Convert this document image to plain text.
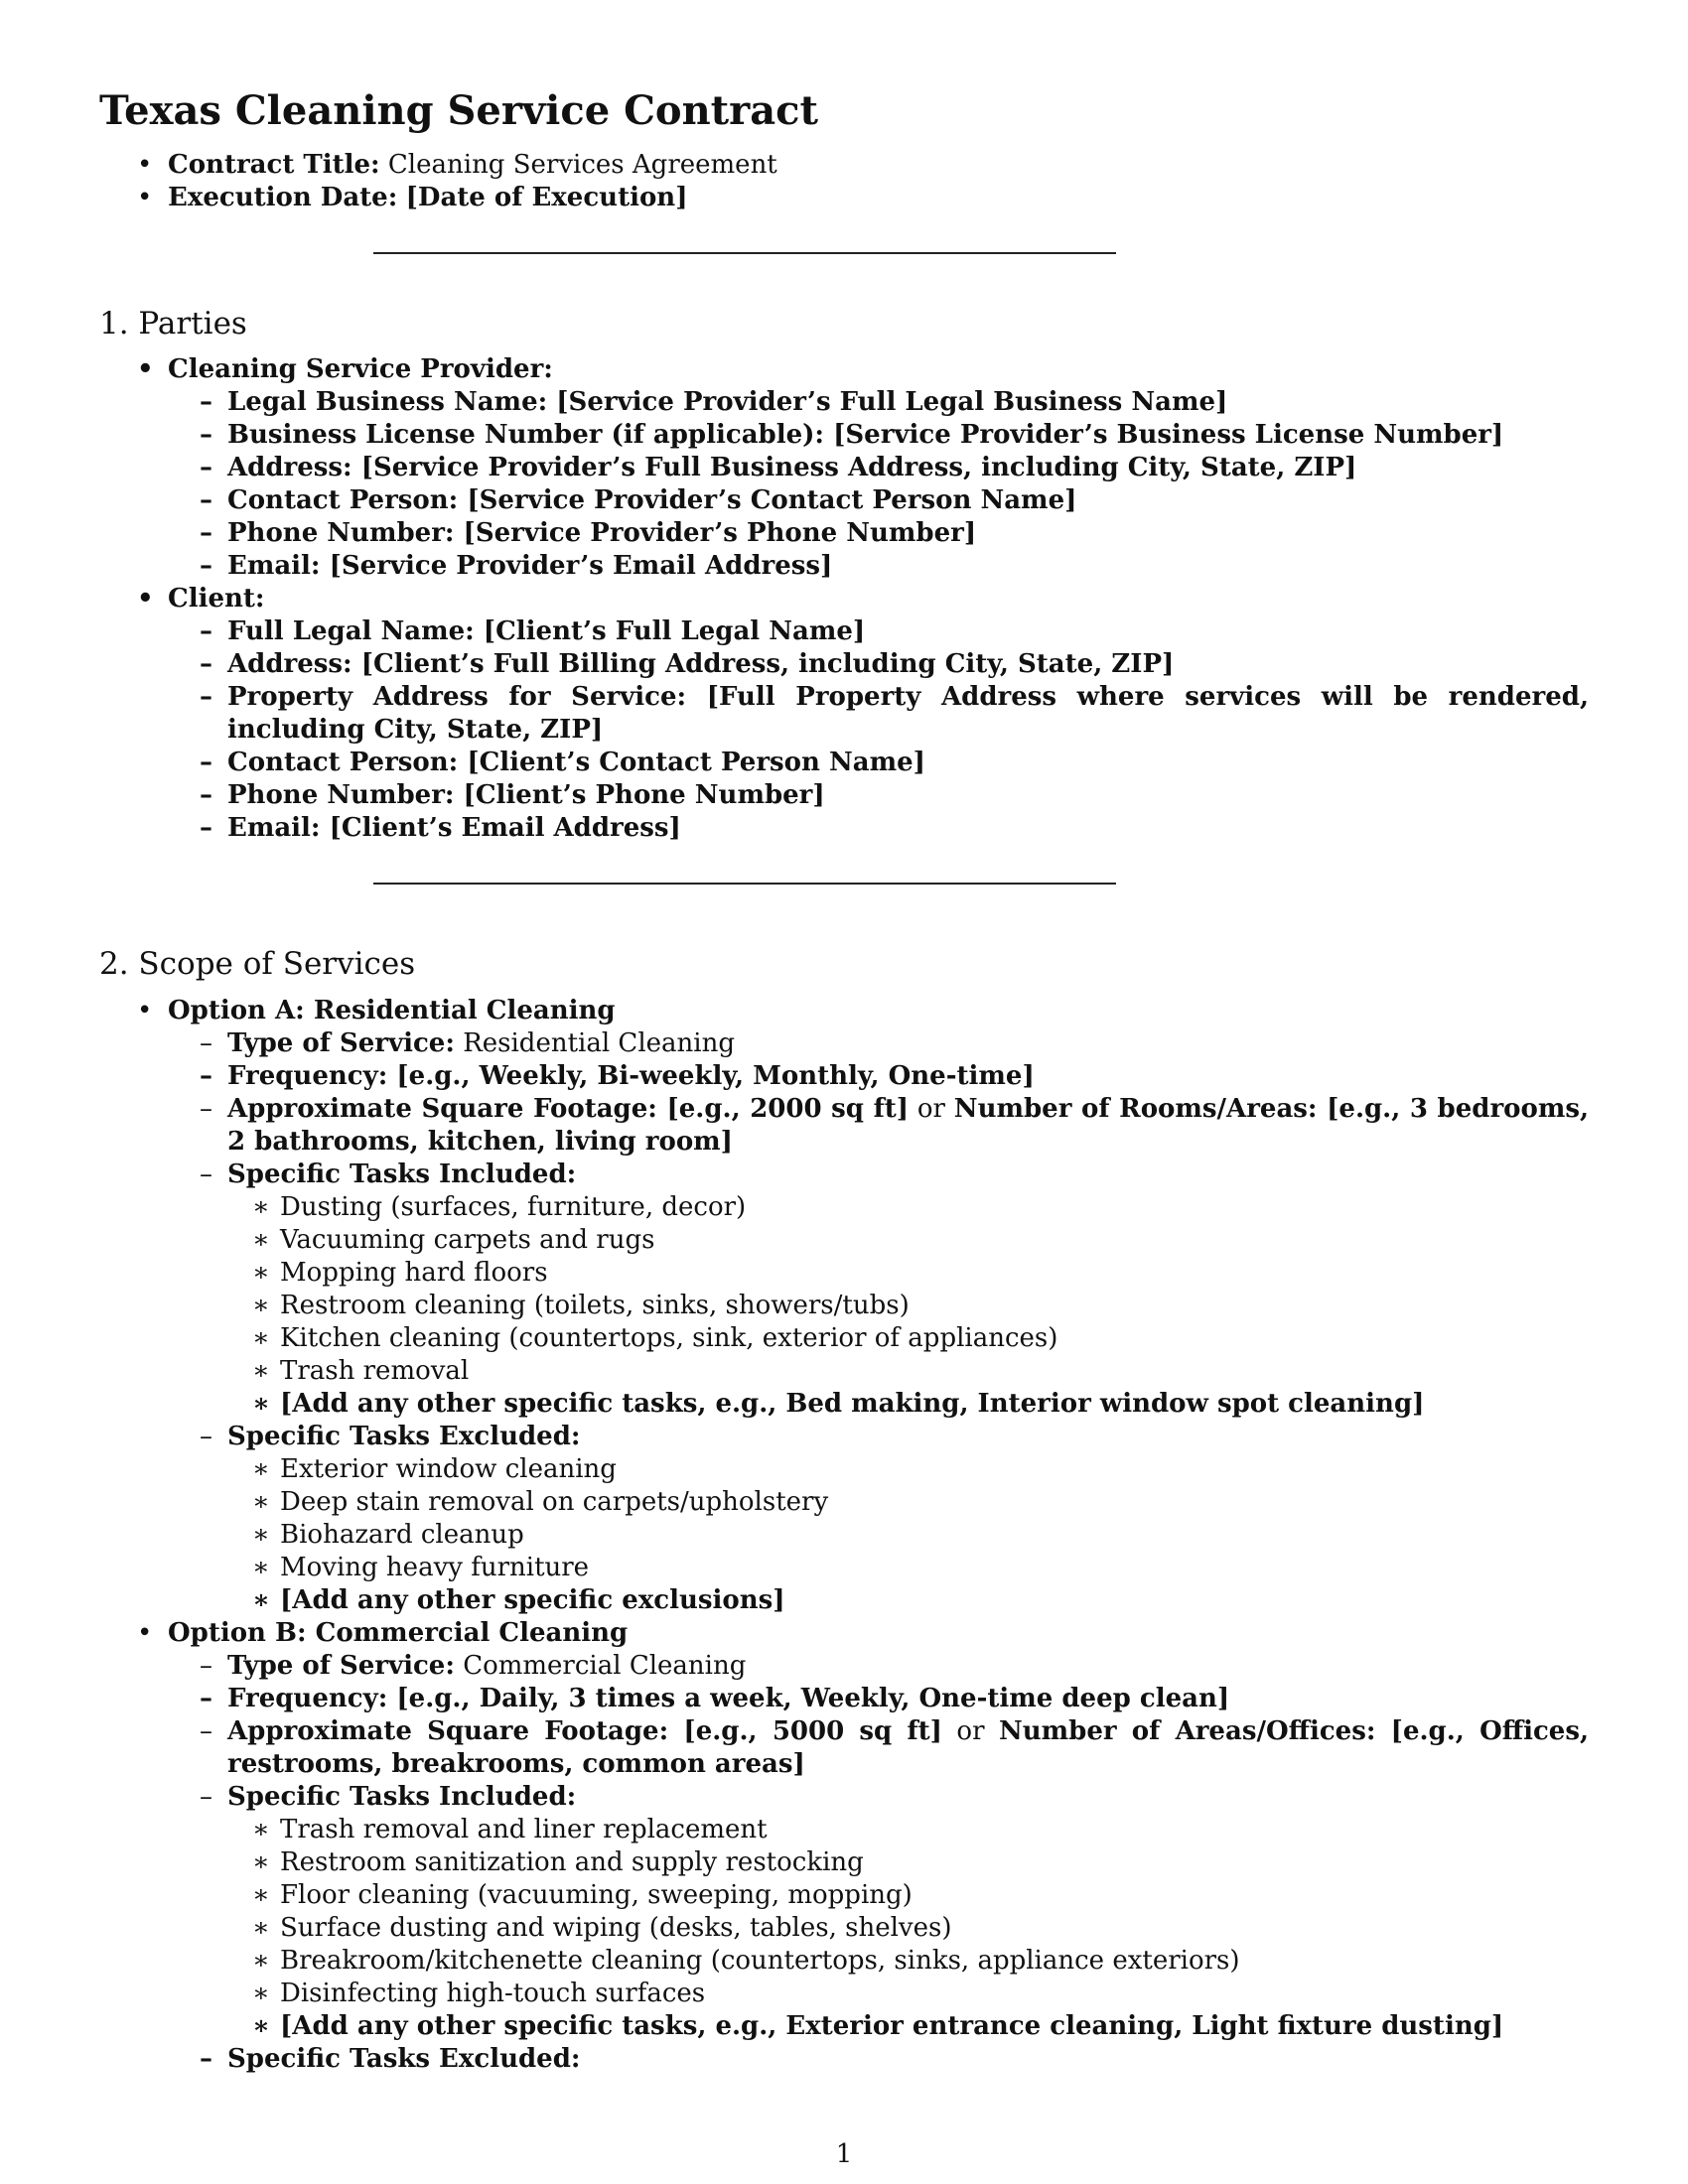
Texas Cleaning Service Contract
• Contract Title: Cleaning Services Agreement
• Execution Date: [Date of Execution]
1. Parties
• Cleaning Service Provider:
– Legal Business Name: [Service Provider’s Full Legal Business Name]
– Business License Number (if applicable): [Service Provider’s Business License Number]
– Address: [Service Provider’s Full Business Address, including City, State, ZIP]
– Contact Person: [Service Provider’s Contact Person Name]
– Phone Number: [Service Provider’s Phone Number]
– Email: [Service Provider’s Email Address]
• Client:
– Full Legal Name: [Client’s Full Legal Name]
– Address: [Client’s Full Billing Address, including City, State, ZIP]
– Property Address for Service: [Full Property Address where services will be rendered, including City, State, ZIP]
– Contact Person: [Client’s Contact Person Name]
– Phone Number: [Client’s Phone Number]
– Email: [Client’s Email Address]
2. Scope of Services
• Option A: Residential Cleaning
– Type of Service: Residential Cleaning
– Frequency: [e.g., Weekly, Bi-weekly, Monthly, One-time]
– Approximate Square Footage: [e.g., 2000 sq ft] or Number of Rooms/Areas: [e.g., 3 bedrooms, 2 bathrooms, kitchen, living room]
– Specific Tasks Included:
∗ Dusting (surfaces, furniture, decor)
∗ Vacuuming carpets and rugs
∗ Mopping hard floors
∗ Restroom cleaning (toilets, sinks, showers/tubs)
∗ Kitchen cleaning (countertops, sink, exterior of appliances)
∗ Trash removal
∗ [Add any other specific tasks, e.g., Bed making, Interior window spot cleaning]
– Specific Tasks Excluded:
∗ Exterior window cleaning
∗ Deep stain removal on carpets/upholstery
∗ Biohazard cleanup
∗ Moving heavy furniture
∗ [Add any other specific exclusions]
• Option B: Commercial Cleaning
– Type of Service: Commercial Cleaning
– Frequency: [e.g., Daily, 3 times a week, Weekly, One-time deep clean]
– Approximate Square Footage: [e.g., 5000 sq ft] or Number of Areas/Offices: [e.g., Offices, restrooms, breakrooms, common areas]
– Specific Tasks Included:
∗ Trash removal and liner replacement
∗ Restroom sanitization and supply restocking
∗ Floor cleaning (vacuuming, sweeping, mopping)
∗ Surface dusting and wiping (desks, tables, shelves)
∗ Breakroom/kitchenette cleaning (countertops, sinks, appliance exteriors)
∗ Disinfecting high-touch surfaces
∗ [Add any other specific tasks, e.g., Exterior entrance cleaning, Light fixture dusting]
– Specific Tasks Excluded:
1
